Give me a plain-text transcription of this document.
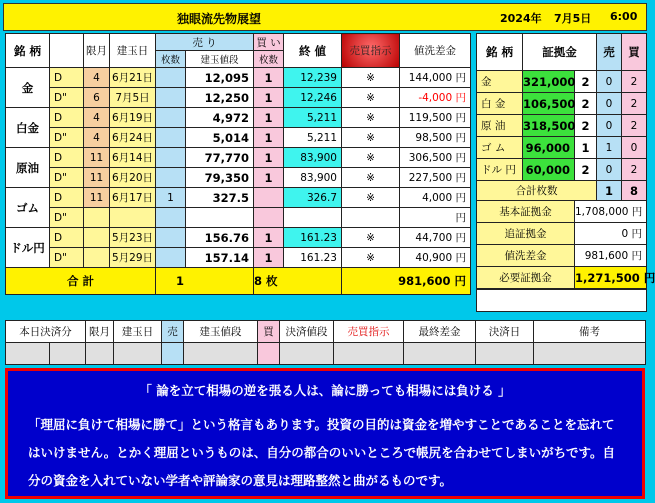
独眼流先物展望	2024年 7月5日 6:00
銘 柄		限月	建玉日	売 り		買 い	終 値	売買指示	値洗差金
				枚数	建玉値段	枚数			
金	D	4	6月21日		12,095	1	12,239	※	144,000 円
	D"	6	7月5日		12,250	1	12,246	※	-4,000 円
白金	D	4	6月19日		4,972	1	5,211	※	119,500 円
	D"	4	6月24日		5,014	1	5,211	※	98,500 円
原油	D	11	6月14日		77,770	1	83,900	※	306,500 円
	D"	11	6月20日		79,350	1	83,900	※	227,500 円
ゴム	D	11	6月17日	1	327.5		326.7	※	4,000 円
	D"								円
ドル円	D		5月23日		156.76	1	161.23	※	44,700 円
	D"		5月29日		157.14	1	161.23	※	40,900 円
合 計				1		8 枚		981,600 円	
銘 柄	証拠金		売	買
金	321,000	2	0	2
白 金	106,500	2	0	2
原 油	318,500	2	0	2
ゴ ム	96,000	1	1	0
ドル 円	60,000	2	0	2
合計枚数			1	8
基本証拠金		1,708,000 円		
追証拠金		0 円		
値洗差金		981,600 円		
必要証拠金		1,271,500 円		

本日決済分		限月	建玉日	売	建玉値段	買	決済値段	売買指示	最終差金	決済日	備考

「 論を立て相場の逆を張る人は、論に勝っても相場には負ける 」
「理屈に負けて相場に勝て」という格言もあります。投資の目的は資金を増やすことであることを忘れてはいけません。とかく理屈というものは、自分の都合のいいところで帳尻を合わせてしまいがちです。自分の資金を入れていない学者や評論家の意見は理路整然と曲がるものです。
